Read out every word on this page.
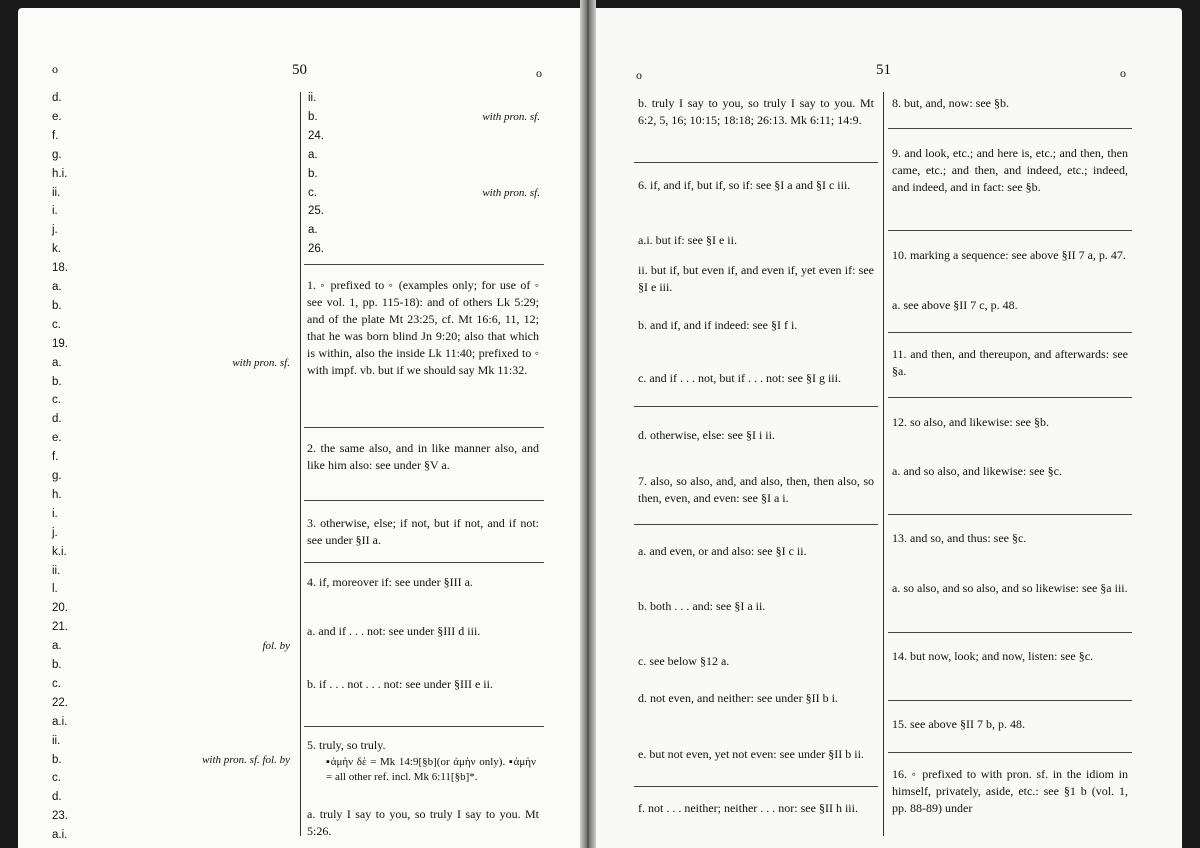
o	50	o
d.
e.
f.
g.
h.i.
ii.
i.
j.
k.
18.
a.
b.
c.
19.
a.	with pron. sf.
b.
c.
d.
e.
f.
g.
h.
i.
j.
k.i.
ii.
l.
20.
21.
a.	fol. by
b.
c.
22.
a.i.
ii.
b.	with pron. sf. fol. by
c.
d.
23.
a.i.
ii.
b.	with pron. sf.
24.
a.
b.
c.	with pron. sf.
25.
a.
26.
1. ◦ prefixed to ◦ (examples only; for use of ◦ see vol. 1, pp. 115-18): and of others Lk 5:29; and of the plate Mt 23:25, cf. Mt 16:6, 11, 12; that he was born blind Jn 9:20; also that which is within, also the inside Lk 11:40; prefixed to ◦ with impf. vb. but if we should say Mk 11:32.
2. the same also, and in like manner also, and like him also: see under §V a.
3. otherwise, else; if not, but if not, and if not: see under §II a.
4. if, moreover if: see under §III a.
a. and if . . . not: see under §III d iii.
b. if . . . not . . . not: see under §III e ii.
5. truly, so truly.
▪ἀμὴν δὲ = Mk 14:9[§b](or ἀμὴν only). ▪ἀμὴν = all other ref. incl. Mk 6:11[§b]*.
a. truly I say to you, so truly I say to you. Mt 5:26.
o	51	o
b. truly I say to you, so truly I say to you. Mt 6:2, 5, 16; 10:15; 18:18; 26:13. Mk 6:11; 14:9.
6. if, and if, but if, so if: see §I a and §I c iii.
a.i. but if: see §I e ii.
ii. but if, but even if, and even if, yet even if: see §I e iii.
b. and if, and if indeed: see §I f i.
c. and if . . . not, but if . . . not: see §I g iii.
d. otherwise, else: see §I i ii.
7. also, so also, and, and also, then, then also, so then, even, and even: see §I a i.
a. and even, or and also: see §I c ii.
b. both . . . and: see §I a ii.
c. see below §12 a.
d. not even, and neither: see under §II b i.
e. but not even, yet not even: see under §II b ii.
f. not . . . neither; neither . . . nor: see §II h iii.
8. but, and, now: see §b.
9. and look, etc.; and here is, etc.; and then, then came, etc.; and then, and indeed, etc.; indeed, and indeed, and in fact: see §b.
10. marking a sequence: see above §II 7 a, p. 47.
a. see above §II 7 c, p. 48.
11. and then, and thereupon, and afterwards: see §a.
12. so also, and likewise: see §b.
a. and so also, and likewise: see §c.
13. and so, and thus: see §c.
a. so also, and so also, and so likewise: see §a iii.
14. but now, look; and now, listen: see §c.
15. see above §II 7 b, p. 48.
16. ◦ prefixed to with pron. sf. in the idiom in himself, privately, aside, etc.: see §1 b (vol. 1, pp. 88-89) under
